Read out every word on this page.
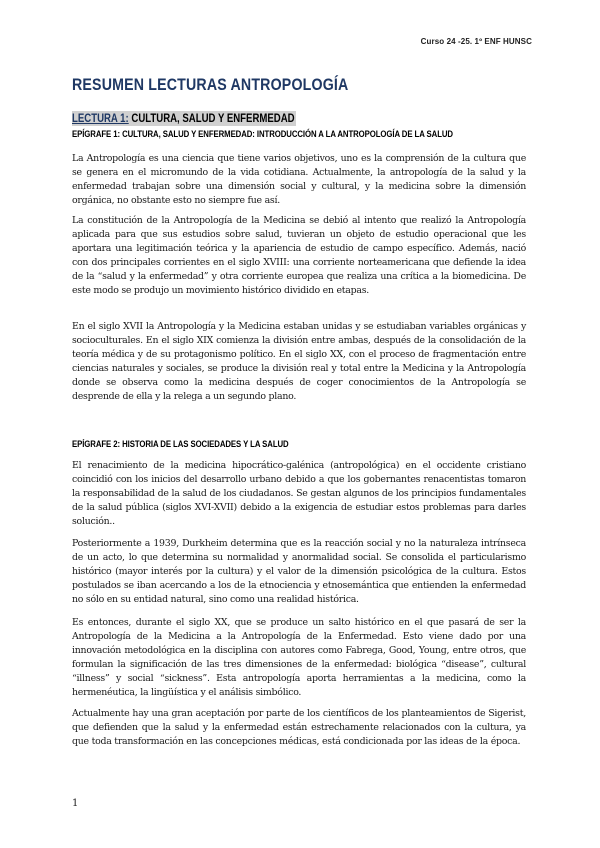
Curso 24 -25. 1º ENF HUNSC
RESUMEN LECTURAS ANTROPOLOGÍA
LECTURA 1: CULTURA, SALUD Y ENFERMEDAD
EPÍGRAFE 1: CULTURA, SALUD Y ENFERMEDAD: INTRODUCCIÓN A LA ANTROPOLOGÍA DE LA SALUD

La Antropología es una ciencia que tiene varios objetivos, uno es la comprensión de la cultura que se genera en el micromundo de la vida cotidiana. Actualmente, la antropología de la salud y la enfermedad trabajan sobre una dimensión social y cultural, y la medicina sobre la dimensión orgánica, no obstante esto no siempre fue así.

La constitución de la Antropología de la Medicina se debió al intento que realizó la Antropología aplicada para que sus estudios sobre salud, tuvieran un objeto de estudio operacional que les aportara una legitimación teórica y la apariencia de estudio de campo específico. Además, nació con dos principales corrientes en el siglo XVIII: una corriente norteamericana que defiende la idea de la “salud y la enfermedad” y otra corriente europea que realiza una crítica a la biomedicina. De este modo se produjo un movimiento histórico dividido en etapas.

En el siglo XVII la Antropología y la Medicina estaban unidas y se estudiaban variables orgánicas y socioculturales. En el siglo XIX comienza la división entre ambas, después de la consolidación de la teoría médica y de su protagonismo político. En el siglo XX, con el proceso de fragmentación entre ciencias naturales y sociales, se produce la división real y total entre la Medicina y la Antropología donde se observa como la medicina después de coger conocimientos de la Antropología se desprende de ella y la relega a un segundo plano.

EPÍGRAFE 2: HISTORIA DE LAS SOCIEDADES Y LA SALUD

El renacimiento de la medicina hipocrático-galénica (antropológica) en el occidente cristiano coincidió con los inicios del desarrollo urbano debido a que los gobernantes renacentistas tomaron la responsabilidad de la salud de los ciudadanos. Se gestan algunos de los principios fundamentales de la salud pública (siglos XVI-XVII) debido a la exigencia de estudiar estos problemas para darles solución..

Posteriormente a 1939, Durkheim determina que es la reacción social y no la naturaleza intrínseca de un acto, lo que determina su normalidad y anormalidad social. Se consolida el particularismo histórico (mayor interés por la cultura) y el valor de la dimensión psicológica de la cultura. Estos postulados se iban acercando a los de la etnociencia y etnosemántica que entienden la enfermedad no sólo en su entidad natural, sino como una realidad histórica.

Es entonces, durante el siglo XX, que se produce un salto histórico en el que pasará de ser la Antropología de la Medicina a la Antropología de la Enfermedad. Esto viene dado por una innovación metodológica en la disciplina con autores como Fabrega, Good, Young, entre otros, que formulan la significación de las tres dimensiones de la enfermedad: biológica “disease”, cultural “illness” y social “sickness”. Esta antropología aporta herramientas a la medicina, como la hermenéutica, la lingüística y el análisis simbólico.

Actualmente hay una gran aceptación por parte de los científicos de los planteamientos de Sigerist, que defienden que la salud y la enfermedad están estrechamente relacionados con la cultura, ya que toda transformación en las concepciones médicas, está condicionada por las ideas de la época.

1
